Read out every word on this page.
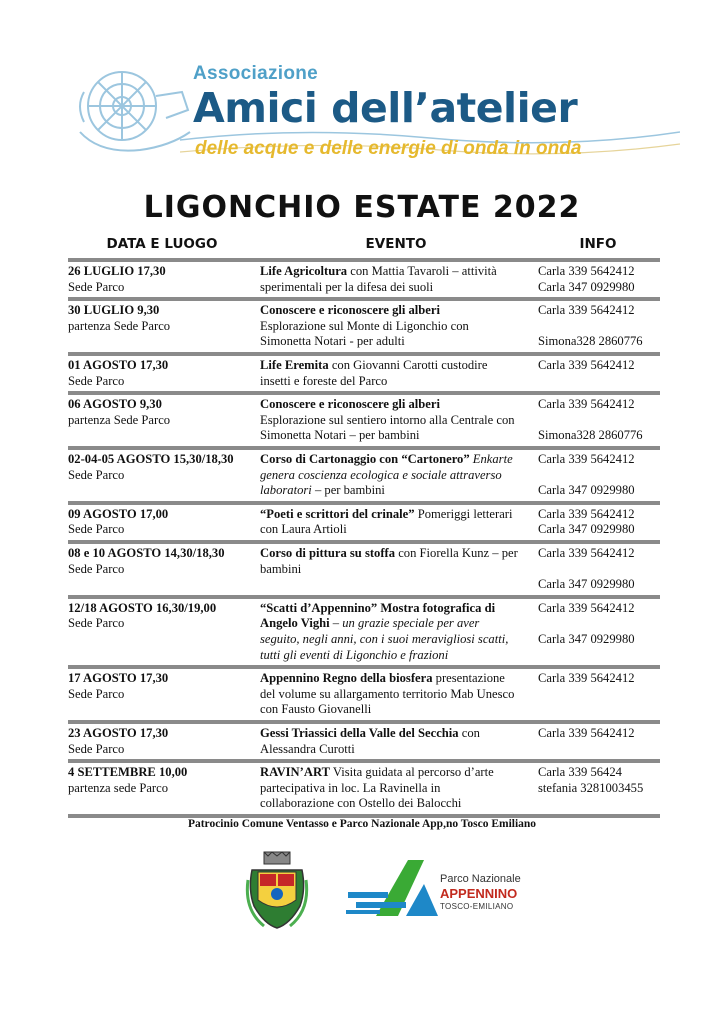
Associazione
Amici dell’atelier
delle acque e delle energie di onda in onda
LIGONCHIO ESTATE 2022
DATA E LUOGO	EVENTO	INFO
26 LUGLIO 17,30
Sede Parco
Life Agricoltura con Mattia Tavaroli – attività
sperimentali per la difesa dei suoli
Carla 339 5642412
Carla 347 0929980
30 LUGLIO 9,30
partenza Sede Parco
Conoscere e riconoscere gli alberi
Esplorazione sul Monte di Ligonchio con
Simonetta Notari - per adulti
Carla 339 5642412

Simona328 2860776
01 AGOSTO 17,30
Sede Parco
Life Eremita con Giovanni Carotti custodire
insetti e foreste del Parco
Carla 339 5642412
06 AGOSTO 9,30
partenza Sede Parco
Conoscere e riconoscere gli alberi
Esplorazione sul sentiero intorno alla Centrale con
Simonetta Notari – per bambini
Carla 339 5642412

Simona328 2860776
02-04-05 AGOSTO 15,30/18,30
Sede Parco
Corso di Cartonaggio con “Cartonero” Enkarte
genera coscienza ecologica e sociale attraverso
laboratori – per bambini
Carla 339 5642412

Carla 347 0929980
09 AGOSTO 17,00
Sede Parco
“Poeti e scrittori del crinale” Pomeriggi letterari
con Laura Artioli
Carla 339 5642412
Carla 347 0929980
08 e 10 AGOSTO 14,30/18,30
Sede Parco
Corso di pittura su stoffa con Fiorella Kunz – per
bambini
Carla 339 5642412

Carla 347 0929980
12/18 AGOSTO 16,30/19,00
Sede Parco
“Scatti d’Appennino” Mostra fotografica di
Angelo Vighi – un grazie speciale per aver
seguito, negli anni, con i suoi meravigliosi scatti,
tutti gli eventi di Ligonchio e frazioni
Carla 339 5642412

Carla 347 0929980
17 AGOSTO 17,30
Sede Parco
Appennino Regno della biosfera presentazione
del volume su allargamento territorio Mab Unesco
con Fausto Giovanelli
Carla 339 5642412
23 AGOSTO 17,30
Sede Parco
Gessi Triassici della Valle del Secchia con
Alessandra Curotti
Carla 339 5642412
4 SETTEMBRE 10,00
partenza sede Parco
RAVIN’ART Visita guidata al percorso d’arte
partecipativa in loc. La Ravinella in
collaborazione con Ostello dei Balocchi
Carla 339 56424
stefania 3281003455
Patrocinio Comune Ventasso e Parco Nazionale App,no Tosco Emiliano
Parco Nazionale
APPENNINO
TOSCO-EMILIANO
